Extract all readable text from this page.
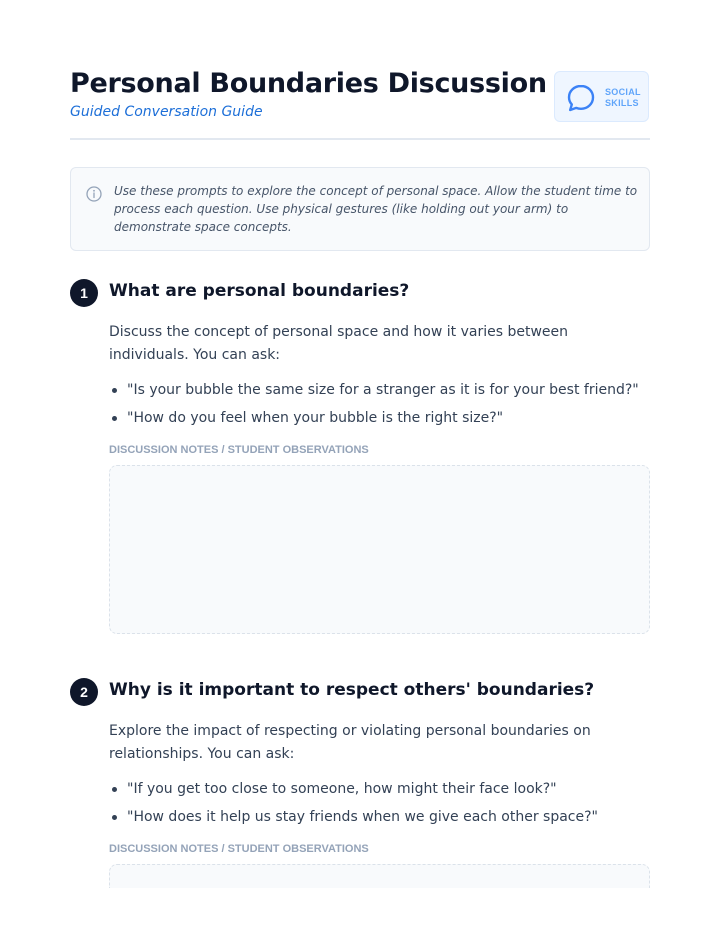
Personal Boundaries Discussion
Guided Conversation Guide
SOCIAL
SKILLS

Use these prompts to explore the concept of personal space. Allow the student time to process each question. Use physical gestures (like holding out your arm) to demonstrate space concepts.

1	What are personal boundaries?

Discuss the concept of personal space and how it varies between individuals. You can ask:

"Is your bubble the same size for a stranger as it is for your best friend?"
"How do you feel when your bubble is the right size?"
DISCUSSION NOTES / STUDENT OBSERVATIONS
2	Why is it important to respect others' boundaries?

Explore the impact of respecting or violating personal boundaries on relationships. You can ask:

"If you get too close to someone, how might their face look?"
"How does it help us stay friends when we give each other space?"
DISCUSSION NOTES / STUDENT OBSERVATIONS
